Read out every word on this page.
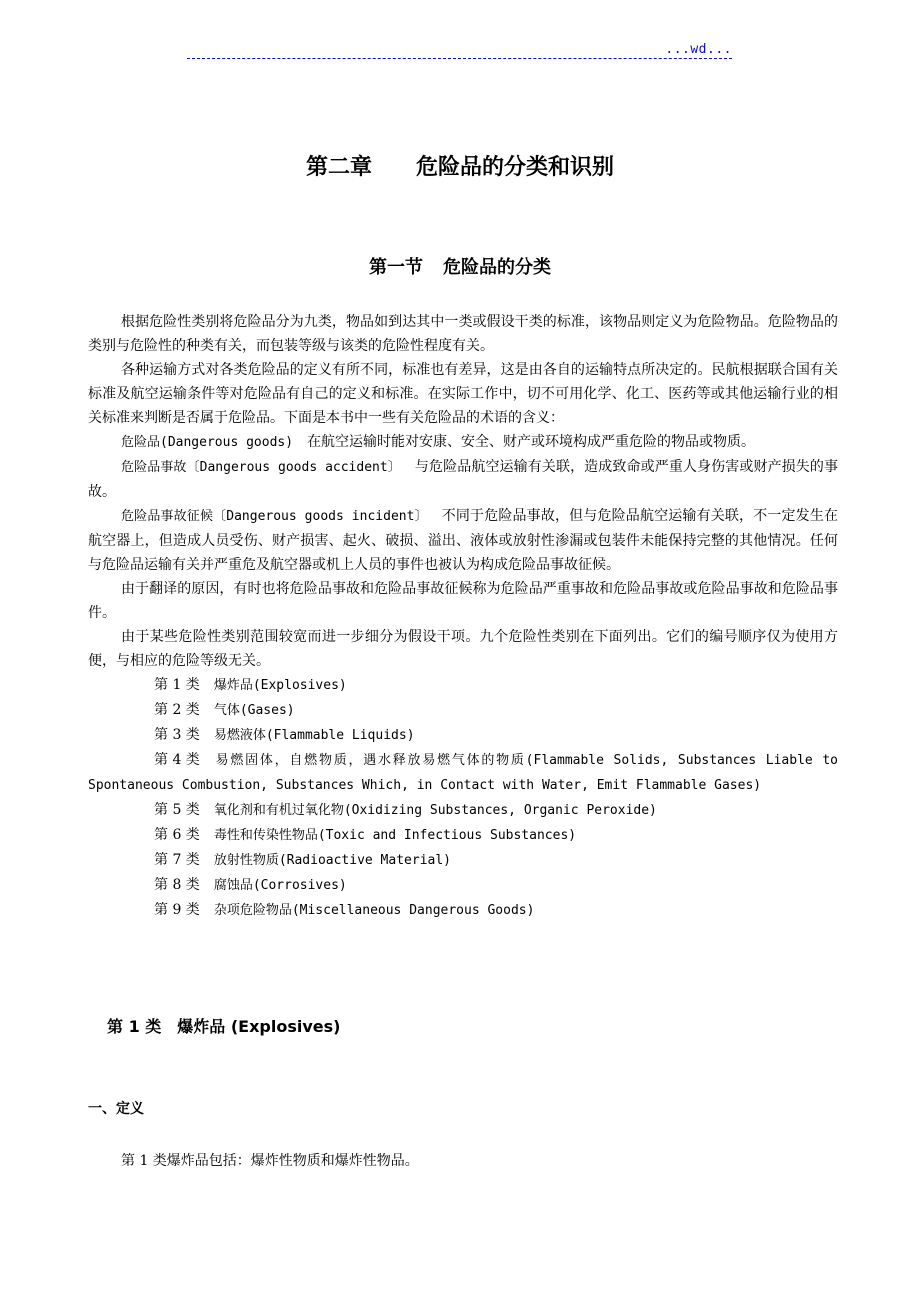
...wd...
第二章 危险品的分类和识别
第一节 危险品的分类

根据危险性类别将危险品分为九类，物品如到达其中一类或假设干类的标准，该物品则定义为危险物品。危险物品的类别与危险性的种类有关，而包装等级与该类的危险性程度有关。

各种运输方式对各类危险品的定义有所不同，标准也有差异，这是由各自的运输特点所决定的。民航根据联合国有关标准及航空运输条件等对危险品有自己的定义和标准。在实际工作中，切不可用化学、化工、医药等或其他运输行业的相关标准来判断是否属于危险品。下面是本书中一些有关危险品的术语的含义：

危险品(Dangerous goods) 在航空运输时能对安康、安全、财产或环境构成严重危险的物品或物质。

危险品事故〔Dangerous goods accident〕 与危险品航空运输有关联，造成致命或严重人身伤害或财产损失的事故。

危险品事故征候〔Dangerous goods incident〕 不同于危险品事故，但与危险品航空运输有关联，不一定发生在航空器上，但造成人员受伤、财产损害、起火、破损、溢出、液体或放射性渗漏或包装件未能保持完整的其他情况。任何与危险品运输有关并严重危及航空器或机上人员的事件也被认为构成危险品事故征候。

由于翻译的原因，有时也将危险品事故和危险品事故征候称为危险品严重事故和危险品事故或危险品事故和危险品事件。

由于某些危险性类别范围较宽而进一步细分为假设干项。九个危险性类别在下面列出。它们的编号顺序仅为使用方便，与相应的危险等级无关。

第 1 类 爆炸品(Explosives)

第 2 类 气体(Gases)

第 3 类 易燃液体(Flammable Liquids)

第 4 类 易燃固体，自燃物质，遇水释放易燃气体的物质(Flammable Solids, Substances Liable to Spontaneous Combustion, Substances Which, in Contact with Water, Emit Flammable Gases)

第 5 类 氧化剂和有机过氧化物(Oxidizing Substances, Organic Peroxide)

第 6 类 毒性和传染性物品(Toxic and Infectious Substances)

第 7 类 放射性物质(Radioactive Material)

第 8 类 腐蚀品(Corrosives)

第 9 类 杂项危险物品(Miscellaneous Dangerous Goods)

第 1 类 爆炸品 (Explosives)
一、定义
第 1 类爆炸品包括：爆炸性物质和爆炸性物品。
